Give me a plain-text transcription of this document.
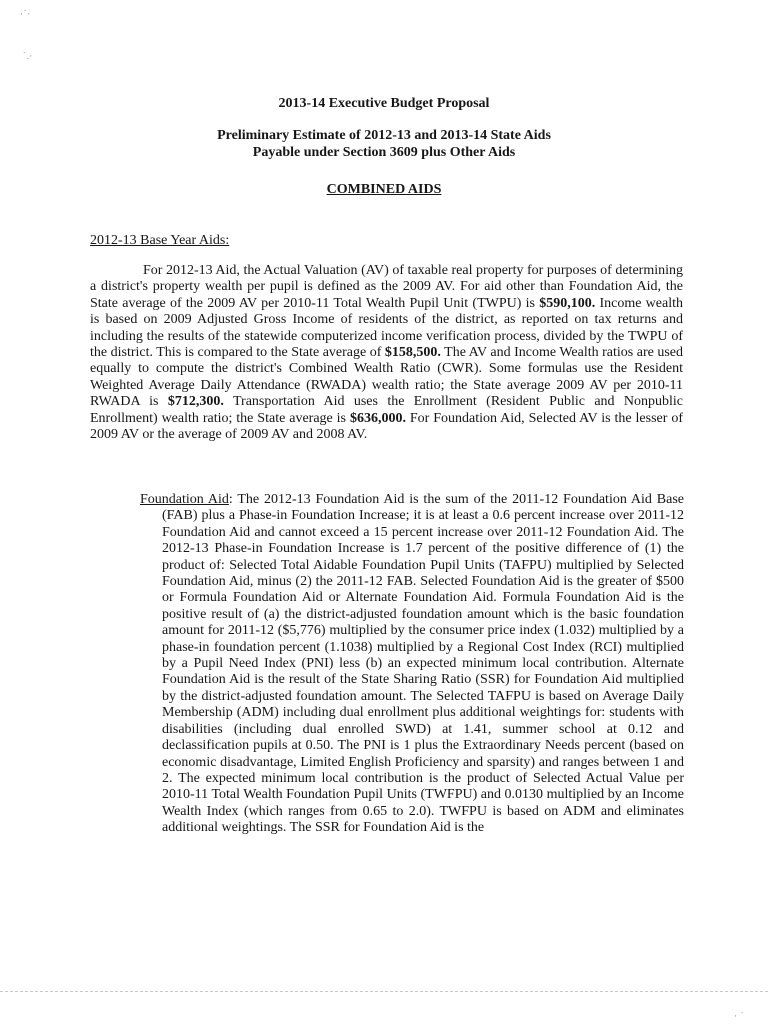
·˙·
˙.·
· ˙
2013-14 Executive Budget Proposal
Preliminary Estimate of 2012-13 and 2013-14 State Aids
Payable under Section 3609 plus Other Aids
COMBINED AIDS
2012-13 Base Year Aids:

For 2012-13 Aid, the Actual Valuation (AV) of taxable real property for purposes of determining a district's property wealth per pupil is defined as the 2009 AV. For aid other than Foundation Aid, the State average of the 2009 AV per 2010-11 Total Wealth Pupil Unit (TWPU) is $590,100. Income wealth is based on 2009 Adjusted Gross Income of residents of the district, as reported on tax returns and including the results of the statewide computerized income verification process, divided by the TWPU of the district. This is compared to the State average of $158,500. The AV and Income Wealth ratios are used equally to compute the district's Combined Wealth Ratio (CWR). Some formulas use the Resident Weighted Average Daily Attendance (RWADA) wealth ratio; the State average 2009 AV per 2010-11 RWADA is $712,300. Transportation Aid uses the Enrollment (Resident Public and Nonpublic Enrollment) wealth ratio; the State average is $636,000. For Foundation Aid, Selected AV is the lesser of 2009 AV or the average of 2009 AV and 2008 AV.

Foundation Aid: The 2012-13 Foundation Aid is the sum of the 2011-12 Foundation Aid Base (FAB) plus a Phase-in Foundation Increase; it is at least a 0.6 percent increase over 2011-12 Foundation Aid and cannot exceed a 15 percent increase over 2011-12 Foundation Aid. The 2012-13 Phase-in Foundation Increase is 1.7 percent of the positive difference of (1) the product of: Selected Total Aidable Foundation Pupil Units (TAFPU) multiplied by Selected Foundation Aid, minus (2) the 2011-12 FAB. Selected Foundation Aid is the greater of $500 or Formula Foundation Aid or Alternate Foundation Aid. Formula Foundation Aid is the positive result of (a) the district-adjusted foundation amount which is the basic foundation amount for 2011-12 ($5,776) multiplied by the consumer price index (1.032) multiplied by a phase-in foundation percent (1.1038) multiplied by a Regional Cost Index (RCI) multiplied by a Pupil Need Index (PNI) less (b) an expected minimum local contribution. Alternate Foundation Aid is the result of the State Sharing Ratio (SSR) for Foundation Aid multiplied by the district-adjusted foundation amount. The Selected TAFPU is based on Average Daily Membership (ADM) including dual enrollment plus additional weightings for: students with disabilities (including dual enrolled SWD) at 1.41, summer school at 0.12 and declassification pupils at 0.50. The PNI is 1 plus the Extraordinary Needs percent (based on economic disadvantage, Limited English Proficiency and sparsity) and ranges between 1 and 2. The expected minimum local contribution is the product of Selected Actual Value per 2010-11 Total Wealth Foundation Pupil Units (TWFPU) and 0.0130 multiplied by an Income Wealth Index (which ranges from 0.65 to 2.0). TWFPU is based on ADM and eliminates additional weightings. The SSR for Foundation Aid is the
